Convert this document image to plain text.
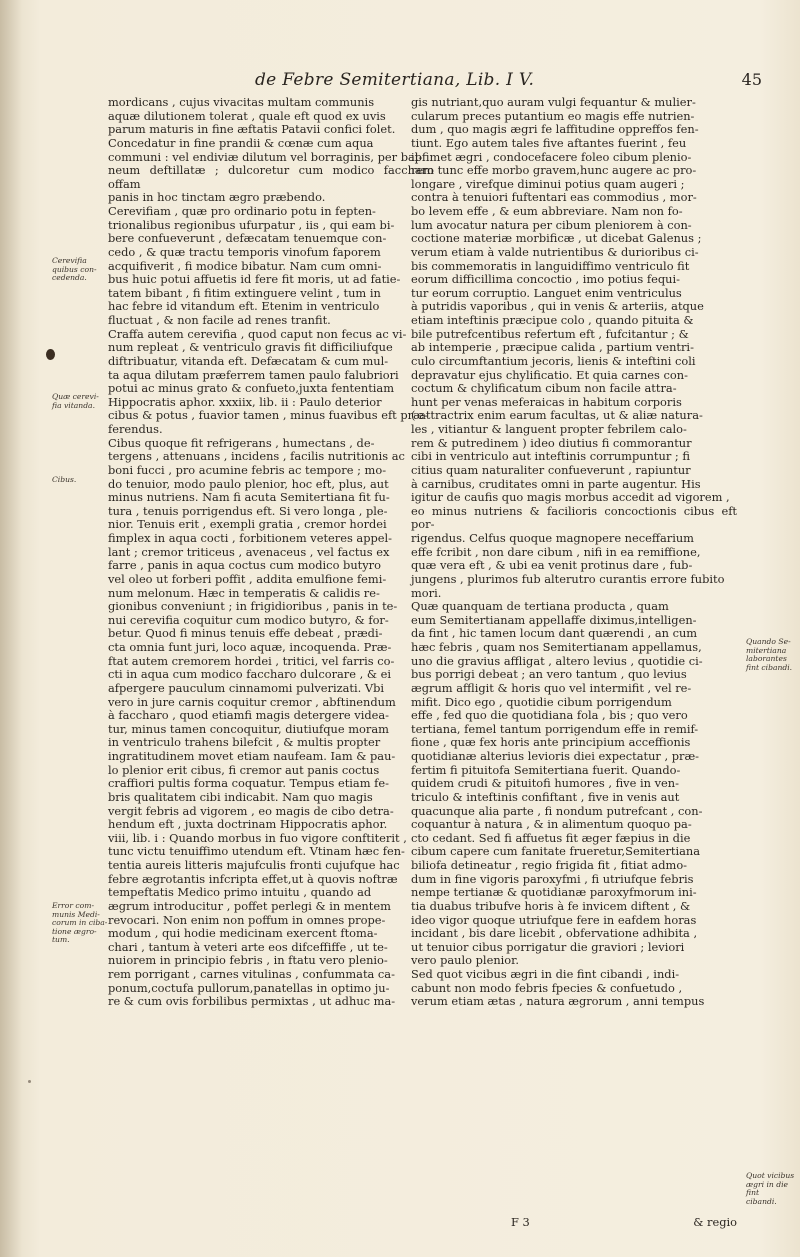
de Febre Semitertiana, Lib. I V.	45

mordicans , cujus vivacitas multam communis
aquæ dilutionem tolerat , quale eft quod ex uvis
parum maturis in fine æftatis Patavii confici folet.
Concedatur in fine prandii & cœnæ cum aqua
communi : vel endiviæ dilutum vel borraginis, per bal-
neum deftillatæ ; dulcoretur cum modico faccharo offam
panis in hoc tinctam ægro præbendo.
Cerevifiam , quæ pro ordinario potu in fepten-
trionalibus regionibus ufurpatur , iis , qui eam bi-
bere confueverunt , defæcatam tenuemque con-
cedo , & quæ tractu temporis vinofum faporem
acquifiverit , fi modice bibatur. Nam cum omni-
bus huic potui affuetis id fere fit moris, ut ad fatie-
tatem bibant , fi fitim extinguere velint , tum in
hac febre id vitandum eft. Etenim in ventriculo
fluctuat , & non facile ad renes tranfit.
Craffa autem cerevifia , quod caput non fecus ac vi-
num repleat , & ventriculo gravis fit difficiliufque
diftribuatur, vitanda eft. Defæcatam & cum mul-
ta aqua dilutam præferrem tamen paulo falubriori
potui ac minus grato & confueto,juxta fententiam
Hippocratis aphor. xxxiix, lib. ii : Paulo deterior
cibus & potus , fuavior tamen , minus fuavibus eft præ-
ferendus.
Cibus quoque fit refrigerans , humectans , de-
tergens , attenuans , incidens , facilis nutritionis ac
boni fucci , pro acumine febris ac tempore ; mo-
do tenuior, modo paulo plenior, hoc eft, plus, aut
minus nutriens. Nam fi acuta Semitertiana fit fu-
tura , tenuis porrigendus eft. Si vero longa , ple-
nior. Tenuis erit , exempli gratia , cremor hordei
fimplex in aqua cocti , forbitionem veteres appel-
lant ; cremor triticeus , avenaceus , vel factus ex
farre , panis in aqua coctus cum modico butyro
vel oleo ut forberi poffit , addita emulfione femi-
num melonum. Hæc in temperatis & calidis re-
gionibus conveniunt ; in frigidioribus , panis in te-
nui cerevifia coquitur cum modico butyro, & for-
betur. Quod fi minus tenuis effe debeat , prædi-
cta omnia funt juri, loco aquæ, incoquenda. Præ-
ftat autem cremorem hordei , tritici, vel farris co-
cti in aqua cum modico faccharo dulcorare , & ei
afpergere pauculum cinnamomi pulverizati. Vbi
vero in jure carnis coquitur cremor , abftinendum
à faccharo , quod etiamfi magis detergere videa-
tur, minus tamen concoquitur, diutiufque moram
in ventriculo trahens bilefcit , & multis propter
ingratitudinem movet etiam naufeam. Iam & pau-
lo plenior erit cibus, fi cremor aut panis coctus
craffiori pultis forma coquatur. Tempus etiam fe-
bris qualitatem cibi indicabit. Nam quo magis
vergit febris ad vigorem , eo magis de cibo detra-
hendum eft , juxta doctrinam Hippocratis aphor.
viii, lib. i : Quando morbus in fuo vigore conftiterit ,
tunc victu tenuiffimo utendum eft. Vtinam hæc fen-
tentia aureis litteris majufculis fronti cujufque hac
febre ægrotantis infcripta effet,ut à quovis noftræ
tempeftatis Medico primo intuitu , quando ad
ægrum introducitur , poffet perlegi & in mentem
revocari. Non enim non poffum in omnes prope-
modum , qui hodie medicinam exercent ftoma-
chari , tantum à veteri arte eos difceffiffe , ut te-
nuiorem in principio febris , in ftatu vero plenio-
rem porrigant , carnes vitulinas , confummata ca-
ponum,coctufa pullorum,panatellas in optimo ju-
re & cum ovis forbilibus permixtas , ut adhuc ma-

gis nutriant,quo auram vulgi fequantur & mulier-
cularum preces putantium eo magis effe nutrien-
dum , quo magis ægri fe laffitudine oppreffos fen-
tiunt. Ego autem tales five aftantes fuerint , feu
ipfimet ægri , condocefacere foleo cibum plenio-
rem tunc effe morbo gravem,hunc augere ac pro-
longare , virefque diminui potius quam augeri ;
contra à tenuiori fuftentari eas commodius , mor-
bo levem effe , & eum abbreviare. Nam non fo-
lum avocatur natura per cibum pleniorem à con-
coctione materiæ morbificæ , ut dicebat Galenus ;
verum etiam à valde nutrientibus & durioribus ci-
bis commemoratis in languidiffimo ventriculo fit
eorum difficillima concoctio , imo potius fequi-
tur eorum corruptio. Languet enim ventriculus
à putridis vaporibus , qui in venis & arteriis, atque
etiam inteftinis præcipue colo , quando pituita &
bile putrefcentibus refertum eft , fufcitantur ; &
ab intemperie , præcipue calida , partium ventri-
culo circumftantium jecoris, lienis & inteftini coli
depravatur ejus chylificatio. Et quia carnes con-
coctum & chylificatum cibum non facile attra-
hunt per venas meferaicas in habitum corporis
( attractrix enim earum facultas, ut & aliæ natura-
les , vitiantur & languent propter febrilem calo-
rem & putredinem ) ideo diutius fi commorantur
cibi in ventriculo aut inteftinis corrumpuntur ; fi
citius quam naturaliter confueverunt , rapiuntur
à carnibus, cruditates omni in parte augentur. His
igitur de caufis quo magis morbus accedit ad vigorem ,
eo minus nutriens & facilioris concoctionis cibus eft por-
rigendus. Celfus quoque magnopere neceffarium
effe fcribit , non dare cibum , nifi in ea remiffione,
quæ vera eft , & ubi ea venit protinus dare , fub-
jungens , plurimos fub alterutro curantis errore fubito
mori.
Quæ quanquam de tertiana producta , quam
eum Semitertianam appellaffe diximus,intelligen-
da fint , hic tamen locum dant quærendi , an cum
hæc febris , quam nos Semitertianam appellamus,
uno die gravius affligat , altero levius , quotidie ci-
bus porrigi debeat ; an vero tantum , quo levius
ægrum affligit & horis quo vel intermifit , vel re-
mifit. Dico ego , quotidie cibum porrigendum
effe , fed quo die quotidiana fola , bis ; quo vero
tertiana, femel tantum porrigendum effe in remif-
fione , quæ fex horis ante principium acceffionis
quotidianæ alterius levioris diei expectatur , præ-
fertim fi pituitofa Semitertiana fuerit. Quando-
quidem crudi & pituitofi humores , five in ven-
triculo & inteftinis confiftant , five in venis aut
quacunque alia parte , fi nondum putrefcant , con-
coquantur à natura , & in alimentum quoquo pa-
cto cedant. Sed fi affuetus fit æger fæpius in die
cibum capere cum fanitate frueretur,Semitertiana
biliofa detineatur , regio frigida fit , fitiat admo-
dum in fine vigoris paroxyfmi , fi utriufque febris
nempe tertianæ & quotidianæ paroxyfmorum ini-
tia duabus tribufve horis à fe invicem diftent , &
ideo vigor quoque utriufque fere in eafdem horas
incidant , bis dare licebit , obfervatione adhibita ,
ut tenuior cibus porrigatur die graviori ; leviori
vero paulo plenior.
Sed quot vicibus ægri in die fint cibandi , indi-
cabunt non modo febris fpecies & confuetudo ,
verum etiam ætas , natura ægrorum , anni tempus

Cerevifia
quibus con-
cedenda.
Quæ cerevi-
fia vitanda.
Cibus.
Error com-
munis Medi-
corum in ciba-
tione ægro-
tum.
Quando Se-
mitertiana
laborantes
fint cibandi.
Quot vicibus
ægri in die fint
cibandi.
F 3	& regio
